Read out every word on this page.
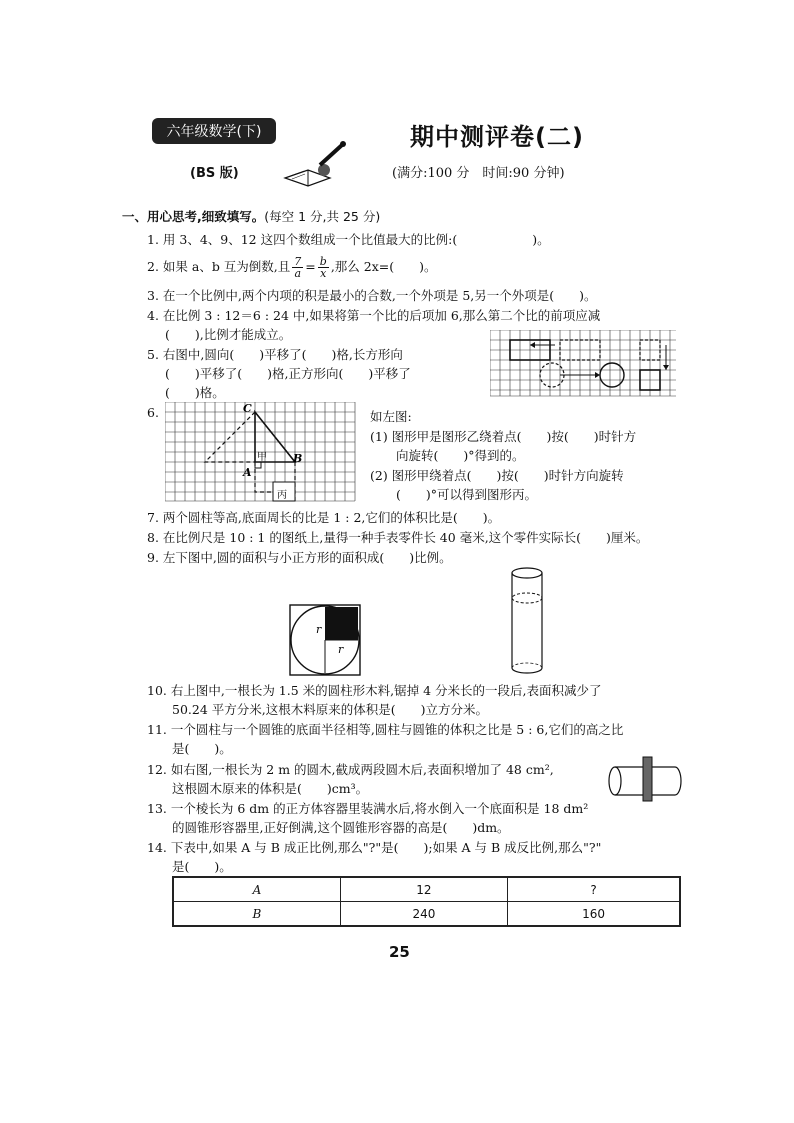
六年级数学(下)
(BS 版)
期中测评卷(二)
(满分:100 分　时间:90 分钟)
一、用心思考,细致填写。(每空 1 分,共 25 分)
1. 用 3、4、9、12 这四个数组成一个比值最大的比例:(　　　　　　)。
2. 如果 a、b 互为倒数,且 $\frac{7}{a} = \frac{b}{x}$ ,那么 2x=(　　)。
3. 在一个比例中,两个内项的积是最小的合数,一个外项是 5,另一个外项是(　　)。
4. 在比例 3 : 12＝6 : 24 中,如果将第一个比的后项加 6,那么第二个比的前项应减
(　　),比例才能成立。
5. 右图中,圆向(　　)平移了(　　)格,长方形向
(　　)平移了(　　)格,正方形向(　　)平移了
(　　)格。
6.	C
A
B
甲
丙
如左图:
(1) 图形甲是图形乙绕着点(　　)按(　　)时针方
向旋转(　　)°得到的。
(2) 图形甲绕着点(　　)按(　　)时针方向旋转
(　　)°可以得到图形丙。
7. 两个圆柱等高,底面周长的比是 1 : 2,它们的体积比是(　　)。
8. 在比例尺是 10 : 1 的图纸上,量得一种手表零件长 40 毫米,这个零件实际长(　　)厘米。
9. 左下图中,圆的面积与小正方形的面积成(　　)比例。
r
r
10. 右上图中,一根长为 1.5 米的圆柱形木料,锯掉 4 分米长的一段后,表面积减少了
50.24 平方分米,这根木料原来的体积是(　　)立方分米。
11. 一个圆柱与一个圆锥的底面半径相等,圆柱与圆锥的体积之比是 5 : 6,它们的高之比
是(　　)。
12. 如右图,一根长为 2 m 的圆木,截成两段圆木后,表面积增加了 48 cm²,
这根圆木原来的体积是(　　)cm³。
13. 一个棱长为 6 dm 的正方体容器里装满水后,将水倒入一个底面积是 18 dm²
的圆锥形容器里,正好倒满,这个圆锥形容器的高是(　　)dm。
14. 下表中,如果 A 与 B 成正比例,那么"?"是(　　);如果 A 与 B 成反比例,那么"?"
是(　　)。
A	12	?
B	240	160
25
